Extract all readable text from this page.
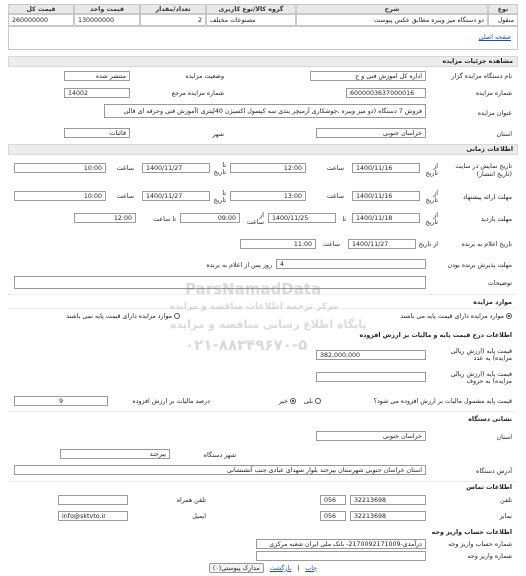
نوع
شرح
گروه کالا/نوع کاربری
تعداد/مقدار
قیمت واحد
قیمت کل
منقول
دو دستگاه میز ویبره مطابق عکس پیوست
مصنوعات مختلف
2
130000000
260000000
صفحه اصلی
مشاهده جزئیات مزایده
نام دستگاه مزایده گزار
اداره کل اموزش فنی و ح
وضعیت مزایده
منتشر شده
شماره مزایده
6000003637000016
شماره مزایده مرجع
14002
عنوان مزایده
فروش 7 دستگاه (دو میز ویبره ،جوشکاری آرمیچر بندی سه کپسول اکسیژن 40لیتری )آموزش فنی وحرفه ای قالی
استان
خراسان جنوبی
شهر
قائنات
اطلاعات زمانی
تاریخ نمایش در سایت (تاریخ انتشار)
از تاریخ
1400/11/16
ساعت
12:00
تا تاریخ
1400/11/27
ساعت
10:00
مهلت ارائه پیشنهاد
از تاریخ
1400/11/16
ساعت
13:00
تا تاریخ
1400/11/27
ساعت
10:00
مهلت بازدید
از تاریخ
1400/11/18
تا
1400/11/25
از ساعت
09:00
تا ساعت
12:00
تاریخ اعلام به برنده
از تاریخ
1400/11/27
ساعت
11:00
مهلت پذیرش برنده بودن
4
روز پس از اعلام به برنده
توضیحات
موارد مزایده
موارد مزایده دارای قیمت پایه می باشند
موارد مزایده دارای قیمت پایه نمی باشند
اطلاعات درج قیمت پایه و مالیات بر ارزش افزوده
قیمت پایه (ارزش ریالی مزایده) به عدد
382,000,000
قیمت پایه (ارزش ریالی مزایده) به حروف
قیمت پایه مشمول مالیات بر ارزش افزوده می شود؟
بلی
خیر
درصد مالیات بر ارزش افزوده
9
نشانی دستگاه
استان
خراسان جنوبی
شهر دستگاه
بیرجند
آدرس دستگاه
استان خراسان جنوبی شهرستان بیرجند بلوار شهدای عبادی جنب آتشنشانی
اطلاعات تماس
تلفن
32213698
056
تلفن همراه
نمابر
32213698
056
ایمیل
info@sktvto.ir
اطلاعات حساب واریز وجه
شماره حساب واریز وجه
درآمدی-2170092171009- بانک ملی ایران شعبه مرکزی
شماره واریز وجه
چاپ
|
بازگشت
مدارک پیوستی(۰)
ParsNamadData
مرکز ترجمه اطلاعات مناقصه و مزایده
پایگاه اطلاع رسانی مناقصه و مزایده
۰۲۱-۸۸۳۴۹۶۷۰-۵
